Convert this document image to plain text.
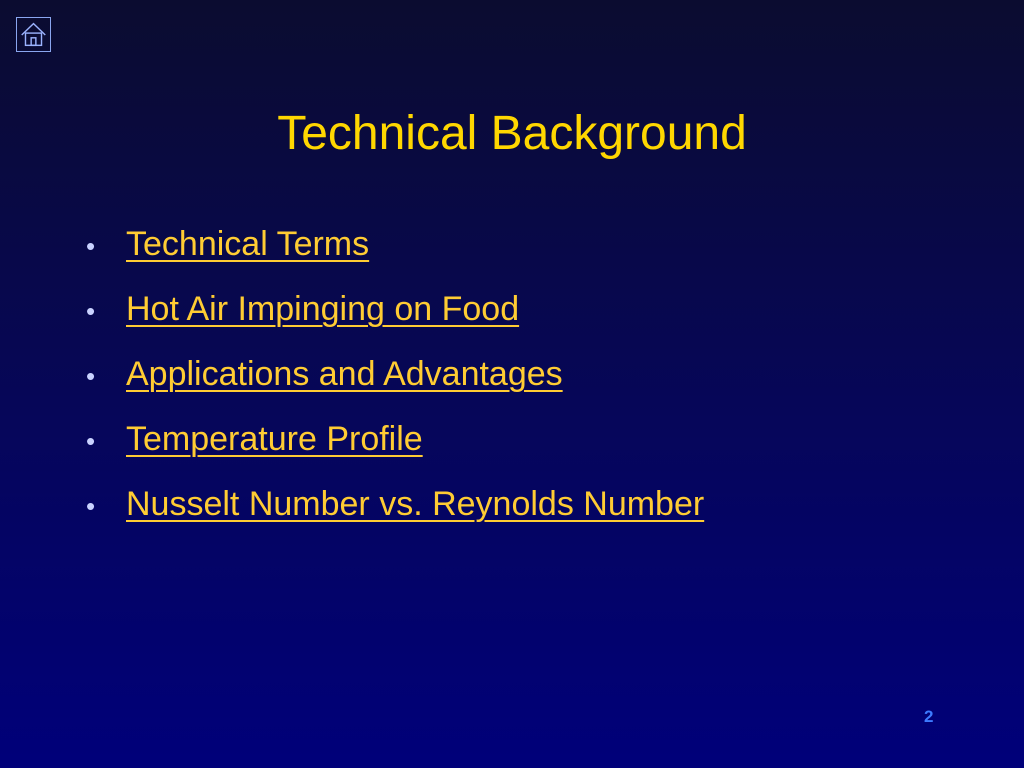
Technical Background
• Technical Terms
• Hot Air Impinging on Food
• Applications and Advantages
• Temperature Profile
• Nusselt Number vs. Reynolds Number
2
